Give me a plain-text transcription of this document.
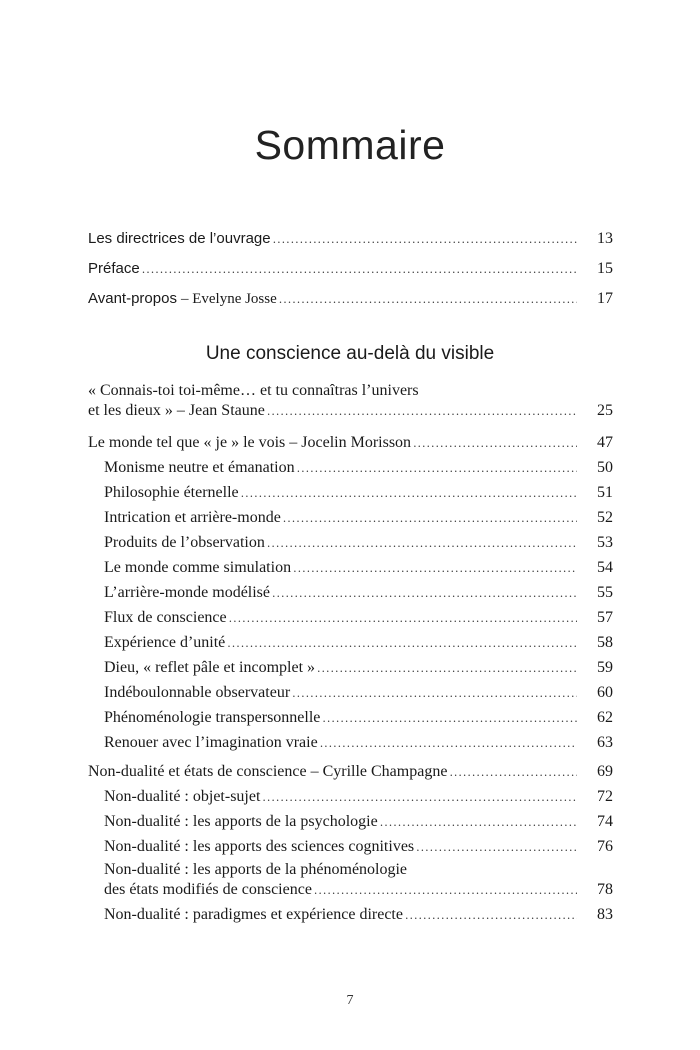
Sommaire
Les directrices de l’ouvrage .....	13
Préface .....	15
Avant-propos – Evelyne Josse .....	17
Une conscience au-delà du visible
« Connais-toi toi-même… et tu connaîtras l’univers
et les dieux » – Jean Staune .....	25
Le monde tel que « je » le vois – Jocelin Morisson .....	47
Monisme neutre et émanation .....	50
Philosophie éternelle .....	51
Intrication et arrière-monde .....	52
Produits de l’observation .....	53
Le monde comme simulation .....	54
L’arrière-monde modélisé .....	55
Flux de conscience .....	57
Expérience d’unité .....	58
Dieu, « reflet pâle et incomplet » .....	59
Indéboulonnable observateur .....	60
Phénoménologie transpersonnelle .....	62
Renouer avec l’imagination vraie .....	63
Non-dualité et états de conscience – Cyrille Champagne .....	69
Non-dualité : objet-sujet .....	72
Non-dualité : les apports de la psychologie .....	74
Non-dualité : les apports des sciences cognitives .....	76
Non-dualité : les apports de la phénoménologie
des états modifiés de conscience .....	78
Non-dualité : paradigmes et expérience directe .....	83
7
